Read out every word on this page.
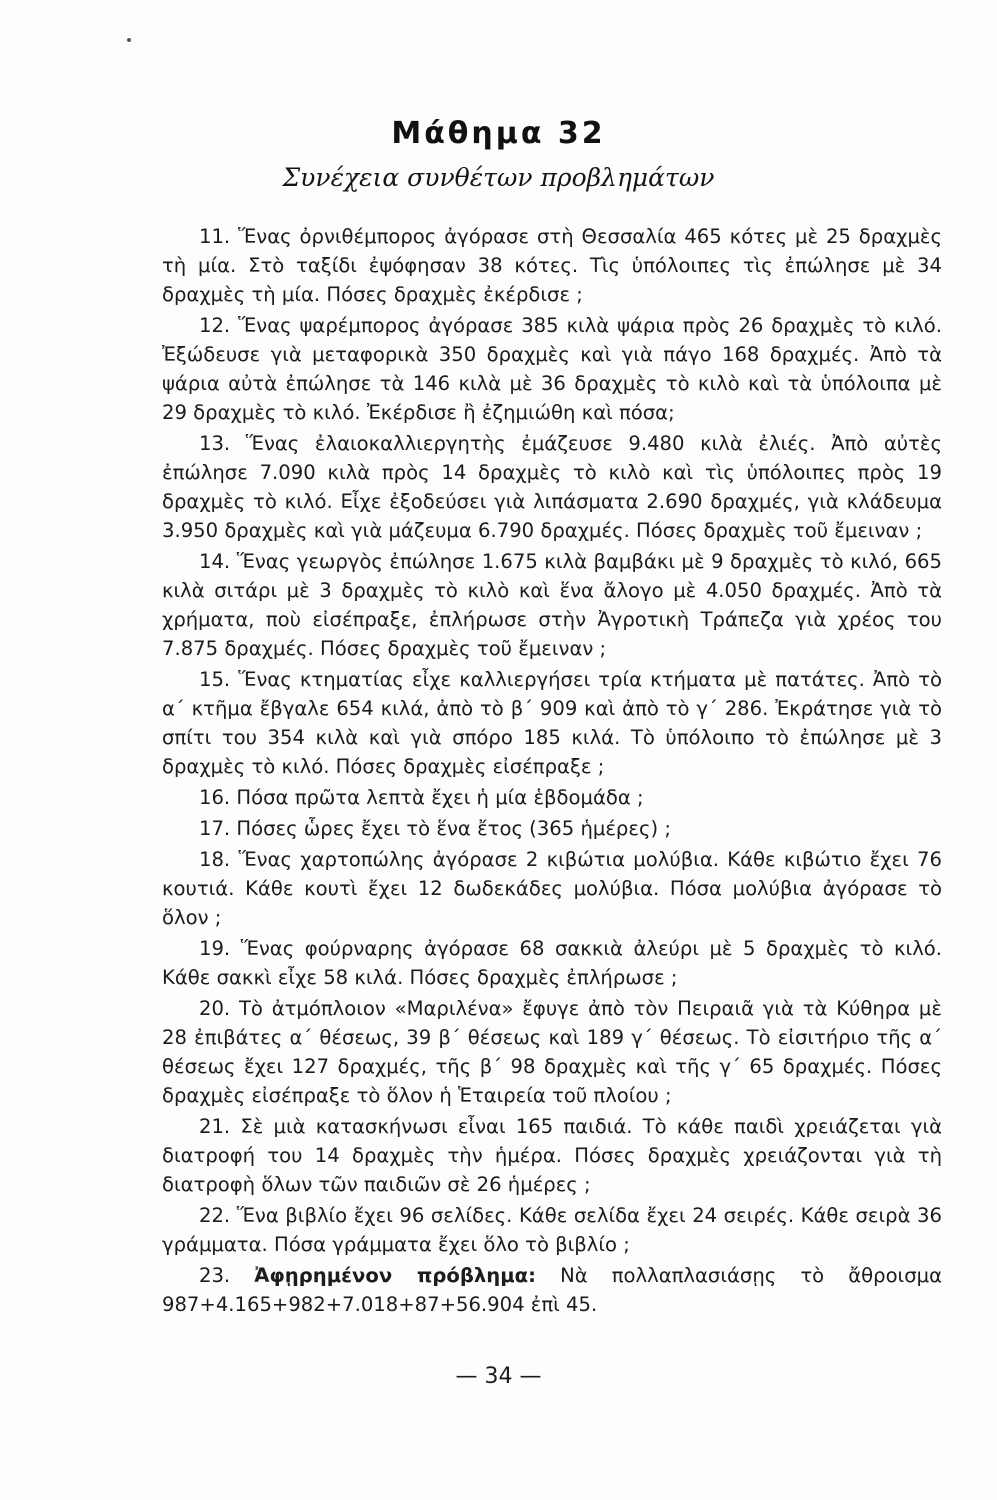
Μάθημα 32
Συνέχεια συνθέτων προβλημάτων
11. Ἕνας ὀρνιθέμπορος ἀγόρασε στὴ Θεσσαλία 465 κότες μὲ 25 δραχμὲς τὴ μία. Στὸ ταξίδι ἐψόφησαν 38 κότες. Τὶς ὑπόλοιπες τὶς ἐπώλησε μὲ 34 δραχμὲς τὴ μία. Πόσες δραχμὲς ἐκέρδισε ;
12. Ἕνας ψαρέμπορος ἀγόρασε 385 κιλὰ ψάρια πρὸς 26 δραχμὲς τὸ κιλό. Ἐξώδευσε γιὰ μεταφορικὰ 350 δραχμὲς καὶ γιὰ πάγο 168 δραχμές. Ἀπὸ τὰ ψάρια αὐτὰ ἐπώλησε τὰ 146 κιλὰ μὲ 36 δραχμὲς τὸ κιλὸ καὶ τὰ ὑπόλοιπα μὲ 29 δραχμὲς τὸ κιλό. Ἐκέρδισε ἢ ἐζημιώθη καὶ πόσα;
13. Ἕνας ἐλαιοκαλλιεργητὴς ἐμάζευσε 9.480 κιλὰ ἐλιές. Ἀπὸ αὐτὲς ἐπώλησε 7.090 κιλὰ πρὸς 14 δραχμὲς τὸ κιλὸ καὶ τὶς ὑπόλοιπες πρὸς 19 δραχμὲς τὸ κιλό. Εἶχε ἐξοδεύσει γιὰ λιπάσματα 2.690 δραχμές, γιὰ κλάδευμα 3.950 δραχμὲς καὶ γιὰ μάζευμα 6.790 δραχμές. Πόσες δραχμὲς τοῦ ἔμειναν ;
14. Ἕνας γεωργὸς ἐπώλησε 1.675 κιλὰ βαμβάκι μὲ 9 δραχμὲς τὸ κιλό, 665 κιλὰ σιτάρι μὲ 3 δραχμὲς τὸ κιλὸ καὶ ἕνα ἄλογο μὲ 4.050 δραχμές. Ἀπὸ τὰ χρήματα, ποὺ εἰσέπραξε, ἐπλήρωσε στὴν Ἀγροτικὴ Τράπεζα γιὰ χρέος του 7.875 δραχμές. Πόσες δραχμὲς τοῦ ἔμειναν ;
15. Ἕνας κτηματίας εἶχε καλλιεργήσει τρία κτήματα μὲ πατάτες. Ἀπὸ τὸ α΄ κτῆμα ἔβγαλε 654 κιλά, ἀπὸ τὸ β΄ 909 καὶ ἀπὸ τὸ γ΄ 286. Ἐκράτησε γιὰ τὸ σπίτι του 354 κιλὰ καὶ γιὰ σπόρο 185 κιλά. Τὸ ὑπόλοιπο τὸ ἐπώλησε μὲ 3 δραχμὲς τὸ κιλό. Πόσες δραχμὲς εἰσέπραξε ;
16. Πόσα πρῶτα λεπτὰ ἔχει ἡ μία ἑβδομάδα ;
17. Πόσες ὧρες ἔχει τὸ ἕνα ἔτος (365 ἡμέρες) ;
18. Ἕνας χαρτοπώλης ἀγόρασε 2 κιβώτια μολύβια. Κάθε κιβώτιο ἔχει 76 κουτιά. Κάθε κουτὶ ἔχει 12 δωδεκάδες μολύβια. Πόσα μολύβια ἀγόρασε τὸ ὅλον ;
19. Ἕνας φούρναρης ἀγόρασε 68 σακκιὰ ἀλεύρι μὲ 5 δραχμὲς τὸ κιλό. Κάθε σακκὶ εἶχε 58 κιλά. Πόσες δραχμὲς ἐπλήρωσε ;
20. Τὸ ἀτμόπλοιον «Μαριλένα» ἔφυγε ἀπὸ τὸν Πειραιᾶ γιὰ τὰ Κύθηρα μὲ 28 ἐπιβάτες α΄ θέσεως, 39 β΄ θέσεως καὶ 189 γ΄ θέσεως. Τὸ εἰσιτήριο τῆς α΄ θέσεως ἔχει 127 δραχμές, τῆς β΄ 98 δραχμὲς καὶ τῆς γ΄ 65 δραχμές. Πόσες δραχμὲς εἰσέπραξε τὸ ὅλον ἡ Ἑταιρεία τοῦ πλοίου ;
21. Σὲ μιὰ κατασκήνωσι εἶναι 165 παιδιά. Τὸ κάθε παιδὶ χρειάζεται γιὰ διατροφή του 14 δραχμὲς τὴν ἡμέρα. Πόσες δραχμὲς χρειάζονται γιὰ τὴ διατροφὴ ὅλων τῶν παιδιῶν σὲ 26 ἡμέρες ;
22. Ἕνα βιβλίο ἔχει 96 σελίδες. Κάθε σελίδα ἔχει 24 σειρές. Κάθε σειρὰ 36 γράμματα. Πόσα γράμματα ἔχει ὅλο τὸ βιβλίο ;
23. Ἀφῃρημένον πρόβλημα: Νὰ πολλαπλασιάσῃς τὸ ἄθροισμα 987+4.165+982+7.018+87+56.904 ἐπὶ 45.
— 34 —
